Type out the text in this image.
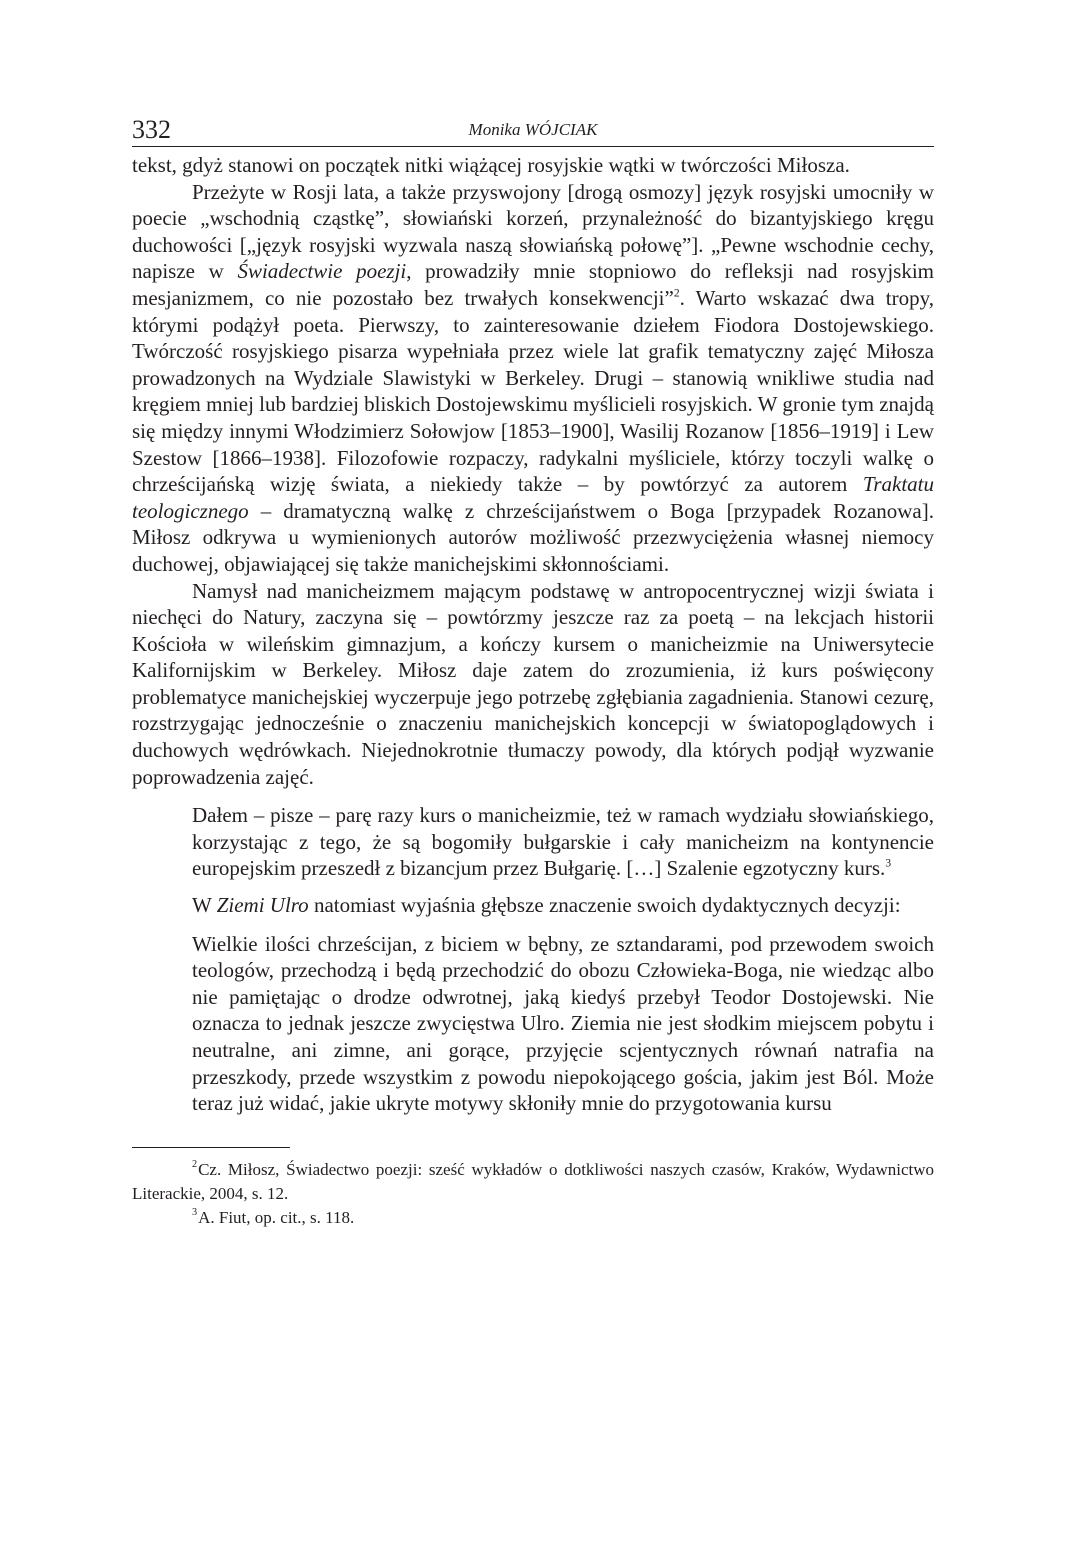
332	Monika WÓJCIAK

tekst, gdyż stanowi on początek nitki wiążącej rosyjskie wątki w twórczości Miłosza.

Przeżyte w Rosji lata, a także przyswojony [drogą osmozy] język rosyjski umocniły w poecie „wschodnią cząstkę”, słowiański korzeń, przynależność do bizantyjskiego kręgu duchowości [„język rosyjski wyzwala naszą słowiańską połowę”]. „Pewne wschodnie cechy, napisze w Świadectwie poezji, prowadziły mnie stopniowo do refleksji nad rosyjskim mesjanizmem, co nie pozostało bez trwałych konsekwencji”$^2$. Warto wskazać dwa tropy, którymi podążył poeta. Pierwszy, to zainteresowanie dziełem Fiodora Dostojewskiego. Twórczość rosyjskiego pisarza wypełniała przez wiele lat grafik tematyczny zajęć Miłosza prowadzonych na Wydziale Slawistyki w Berkeley. Drugi – stanowią wnikliwe studia nad kręgiem mniej lub bardziej bliskich Dostojewskimu myślicieli rosyjskich. W gronie tym znajdą się między innymi Włodzimierz Sołowjow [1853–1900], Wasilij Rozanow [1856–1919] i Lew Szestow [1866–1938]. Filozofowie rozpaczy, radykalni myśliciele, którzy toczyli walkę o chrześcijańską wizję świata, a niekiedy także – by powtórzyć za autorem Traktatu teologicznego – dramatyczną walkę z chrześcijaństwem o Boga [przypadek Rozanowa]. Miłosz odkrywa u wymienionych autorów możliwość przezwyciężenia własnej niemocy duchowej, objawiającej się także manichejskimi skłonnościami.

Namysł nad manicheizmem mającym podstawę w antropocentrycznej wizji świata i niechęci do Natury, zaczyna się – powtórzmy jeszcze raz za poetą – na lekcjach historii Kościoła w wileńskim gimnazjum, a kończy kursem o manicheizmie na Uniwersytecie Kalifornijskim w Berkeley. Miłosz daje zatem do zrozumienia, iż kurs poświęcony problematyce manichejskiej wyczerpuje jego potrzebę zgłębiania zagadnienia. Stanowi cezurę, rozstrzygając jednocześnie o znaczeniu manichejskich koncepcji w światopoglądowych i duchowych wędrówkach. Niejednokrotnie tłumaczy powody, dla których podjął wyzwanie poprowadzenia zajęć.

Dałem – pisze – parę razy kurs o manicheizmie, też w ramach wydziału słowiańskiego, korzystając z tego, że są bogomiły bułgarskie i cały manicheizm na kontynencie europejskim przeszedł z bizancjum przez Bułgarię. […] Szalenie egzotyczny kurs.$^3$

W Ziemi Ulro natomiast wyjaśnia głębsze znaczenie swoich dydaktycznych decyzji:

Wielkie ilości chrześcijan, z biciem w bębny, ze sztandarami, pod przewodem swoich teologów, przechodzą i będą przechodzić do obozu Człowieka-Boga, nie wiedząc albo nie pamiętając o drodze odwrotnej, jaką kiedyś przebył Teodor Dostojewski. Nie oznacza to jednak jeszcze zwycięstwa Ulro. Ziemia nie jest słodkim miejscem pobytu i neutralne, ani zimne, ani gorące, przyjęcie scjentycznych równań natrafia na przeszkody, przede wszystkim z powodu niepokojącego gościa, jakim jest Ból. Może teraz już widać, jakie ukryte motywy skłoniły mnie do przygotowania kursu

$^2$Cz. Miłosz, Świadectwo poezji: sześć wykładów o dotkliwości naszych czasów, Kraków, Wydawnictwo Literackie, 2004, s. 12.

$^3$A. Fiut, op. cit., s. 118.
